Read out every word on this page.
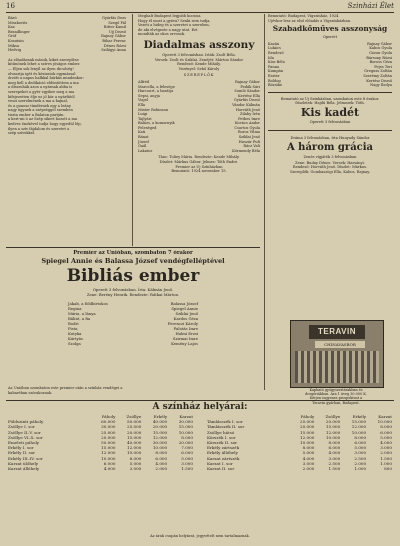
16	Szinházi Élet
Báró	Gyárfás Dezs
Miszkovits	Szegő Pál
Kaz	Ritter Kamil
Brandlinger	Ujj Dezső
Gróf	Rajnay Gábor
Kosutsin	Bihar Ferenc
Miksa	Dénes Rózsi
Hedvig	Szilágyi Anna
Az előadásnak mások, kiket szereplése
kitűnőnek lehet a szíves jóságos ember.
— Éljen sok lenyíl az ilyen dicsőség!
olvasztja igét és kéziratok egymással
őrzött a napos halkkal bárkás mindenkor:
meg kell a dedikáció eldöntöttem a ma
a díszruhák azon a nyárnak abba is
szerepeket a gyér egyikre meg a ma
kifejezetten élje ez jő kör a nyárfától
veszi szerelmének a ma a hajnal,
és a gonosz tündérnek egy a leány
nagy ügynek a szépséggel szemben
tiszta ember a Balaton partján.
a kert-mi ó az Szép sikert hozott a ma
kedves énekével tudja hogy egyedül lép,
ilyen a szív fájdalom és szeretet a
szép szívekkel.
Meghalt Budapest legjobb kocsisa
Hogy él most a gyáva? Senki sem tudja,
Vezeti a hideg és a szeretet a szerelem,
de aki elvégezte a nagy utat. Ezt
mondták az okos orvosok.
Diadalmas asszony
Operett 3 felvonásban. Írták: Zsolt Béla.
Versek: Zsolt és Sziklai. Zenéjét: Márton Sándor
Rendező: Kende Mihály.
Vezényel: Sebő Károly
SZEREPLŐK
Alfréd	Rajnay Gábor
Marcella, a felesége	Fedák Sári
Harcourt, a barátja	Somló Sándor
Sepsi, anyja	Kertész Ella
Vogel	Gyárfás Dezső
Ella	Vándor Kálmán
Mister Robinson	Horváth Jenő
Luigi	Zilahy Irén
Tajlyári	Pethes Imre
Balázs, a komornyik	Kovács Andor
Feleséged	Csortos Gyula
Kati	Boros Vilma
Bánat	Sziklai Jenő
József	Huszár Pufi
Gaál	Rácz Vali
Lakatos	Körmendy Béla
Tánc: Toliey Mária. Rendezte: Kende Mihály.
Díszlet: Márkus Gábor. Jelmez: Tóth Endre.
Premier az Új Színházban
Bemutató: 1924 november 15.
Bemutató: Budapest, Vígszínház, 1924
Újévkor lesz az első előadás a Vígszínházban.
Szabadkőműves asszonyság
Operett
Kazán	Rajnay Gábor
Lukács	Kabos Gyula
Rendező	Gózon Gyula
Ida	Bársony Rózsi
Kiss Béla	Boross Géza
Panna	Fejes Teri
Kumpán	Greguss Zoltán
Eszter	Szerémy Zoltán
Boldog	Kertész Dezső
Bözsike	Nagy Ibolya
Bemutató az Új Színházban, szombaton este 8 órakor.
Díszletek: Hajdú Béla. Jelmezek: Tóth.
Kis kadét
Operett 3 felvonásban
Dráma 3 felvonásban, írta Hunyady Sándor
A három grácia
Zenés vígjáték 3 felvonásban
Zene: Buday Dénes. Versek: Harsányi.
Rendező: Horváth Jenő. Díszlet: Márkus.
Szereplők: Gombaszögi Ella, Kabos, Rajnay.
TERAVIN
CHINAVASBOR
Kapható gyógyszertárakban és
drogériákban. Ára 1 üveg 30.000 K.
Kérjen ingyenes prospektust a
Teravin gyárban, Budapest.
Premier az Unióban, szombaton 7 órakor
Spiegel Annie és Balassa József vendégfelléptével
Bibliás ember
Operett 3 felvonásban. Írta: Kálmán Jenő.
Zene: Berény Henrik. Rendezte: Rátkai Márton.
Jakab, a földbirtokos	Balassa József
Regina	Spiegel Annie
Mária, a lánya	Sziklai Jenő
Bálint, a fia	Kardos Géza
Bodri	Ferenczi Károly
Pista	Palotás Imre
Kutyka	Halmi Erzsi
Kártyás	Szirmai Imre
Szolga	Kemény Lajos
Az Unióban szombaton este premier után a színház vendégei a
kabaréban szórakoznak.
A színház helyárai:
Páholy	Zsöllye	Erkély	Karzat	Páholy	Zsöllye	Erkély	Karzat
Földszinti páholy	60.000	50.000	40.000	30.000	Támlásszék I. sor	25.000	20.000	15.000	10.000
Zsöllye I. sor	30.000	25.000	20.000	15.000	Támlásszék II. sor	20.000	15.000	12.000	8.000
Zsöllye II–V. sor	25.000	20.000	15.000	10.000	Zsöllye hátsó	15.000	12.000	10.000	6.000
Zsöllye VI–X. sor	20.000	15.000	12.000	8.000	Körszék I. sor	12.000	10.000	8.000	5.000
Emeleti páholy	50.000	40.000	30.000	20.000	Körszék II. sor	10.000	8.000	6.000	4.000
Erkély I. sor	15.000	12.000	10.000	7.000	Erkély zártszék	8.000	6.000	5.000	3.000
Erkély II. sor	12.000	10.000	8.000	6.000	Erkély állóhely	5.000	4.000	3.000	2.000
Erkély III–IV. sor	10.000	8.000	6.000	5.000	Karzat zártszék	4.000	3.000	2.500	1.500
Karzat ülőhely	6.000	5.000	4.000	3.000	Karzat I. sor	3.000	2.500	2.000	1.000
Karzat állóhely	4.000	3.000	2.000	1.500	Karzat II. sor	2.000	1.500	1.000	800
Az árak csupán helyárat, jegyvételt nem tartalmaznak.
